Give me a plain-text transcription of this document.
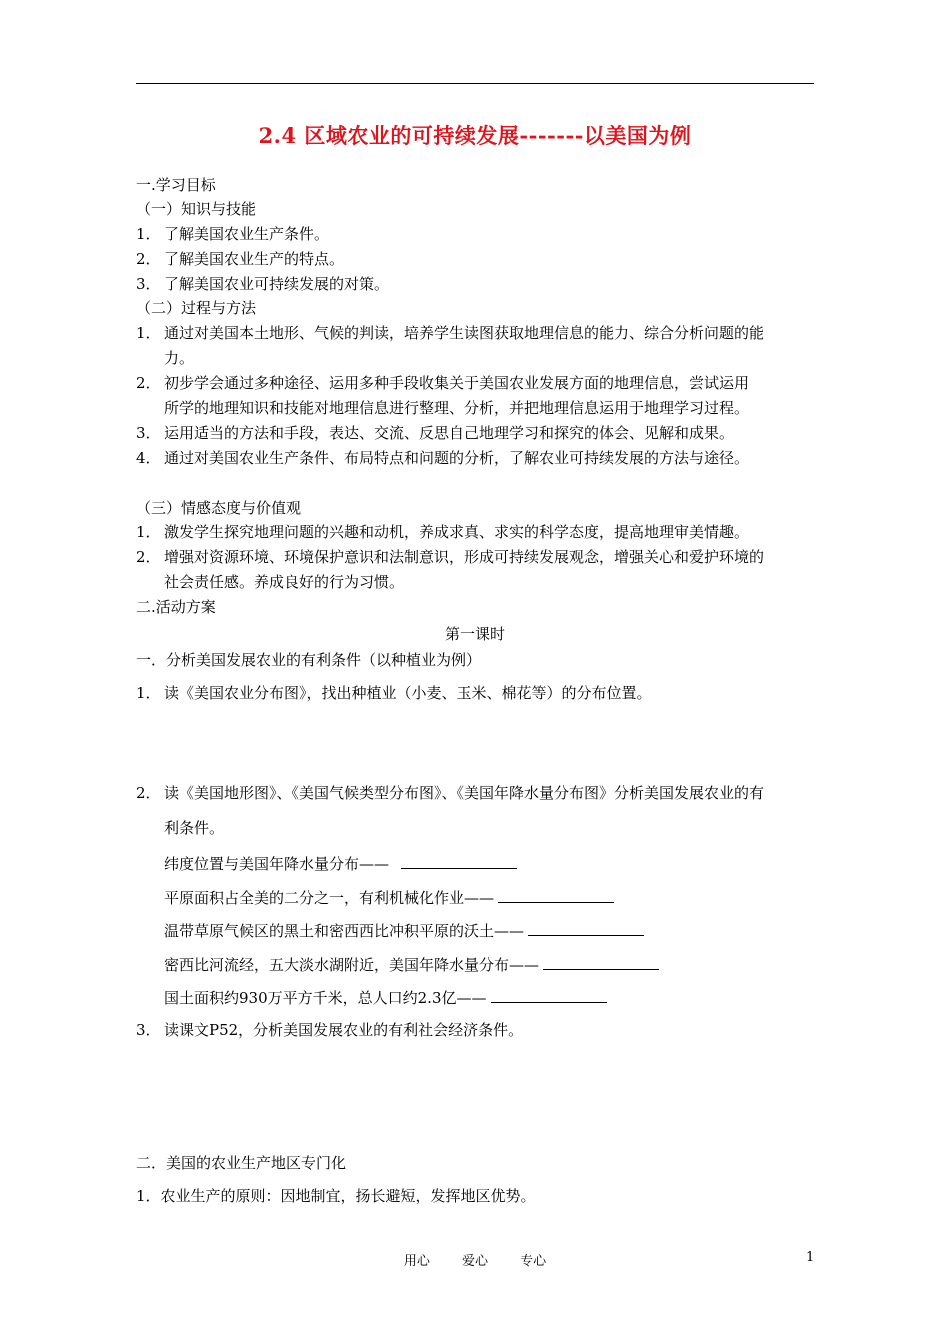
2.4 区域农业的可持续发展-------以美国为例
一.学习目标
（一）知识与技能
1． 了解美国农业生产条件。
2． 了解美国农业生产的特点。
3． 了解美国农业可持续发展的对策。
（二）过程与方法
1． 通过对美国本土地形、气候的判读，培养学生读图获取地理信息的能力、综合分析问题的能
力。
2． 初步学会通过多种途径、运用多种手段收集关于美国农业发展方面的地理信息，尝试运用
所学的地理知识和技能对地理信息进行整理、分析，并把地理信息运用于地理学习过程。
3． 运用适当的方法和手段，表达、交流、反思自己地理学习和探究的体会、见解和成果。
4． 通过对美国农业生产条件、布局特点和问题的分析，了解农业可持续发展的方法与途径。
（三）情感态度与价值观
1． 激发学生探究地理问题的兴趣和动机，养成求真、求实的科学态度，提高地理审美情趣。
2． 增强对资源环境、环境保护意识和法制意识，形成可持续发展观念，增强关心和爱护环境的
社会责任感。养成良好的行为习惯。
二.活动方案
第一课时
一．分析美国发展农业的有利条件（以种植业为例）
1． 读《美国农业分布图》，找出种植业（小麦、玉米、棉花等）的分布位置。
2． 读《美国地形图》、《美国气候类型分布图》、《美国年降水量分布图》分析美国发展农业的有
利条件。
纬度位置与美国年降水量分布——
平原面积占全美的二分之一，有利机械化作业——
温带草原气候区的黑土和密西西比冲积平原的沃土——
密西比河流经，五大淡水湖附近，美国年降水量分布——
国土面积约930万平方千米，总人口约2.3亿——
3． 读课文P52，分析美国发展农业的有利社会经济条件。
二．美国的农业生产地区专门化
1．农业生产的原则：因地制宜，扬长避短，发挥地区优势。
用心 爱心 专心	1
